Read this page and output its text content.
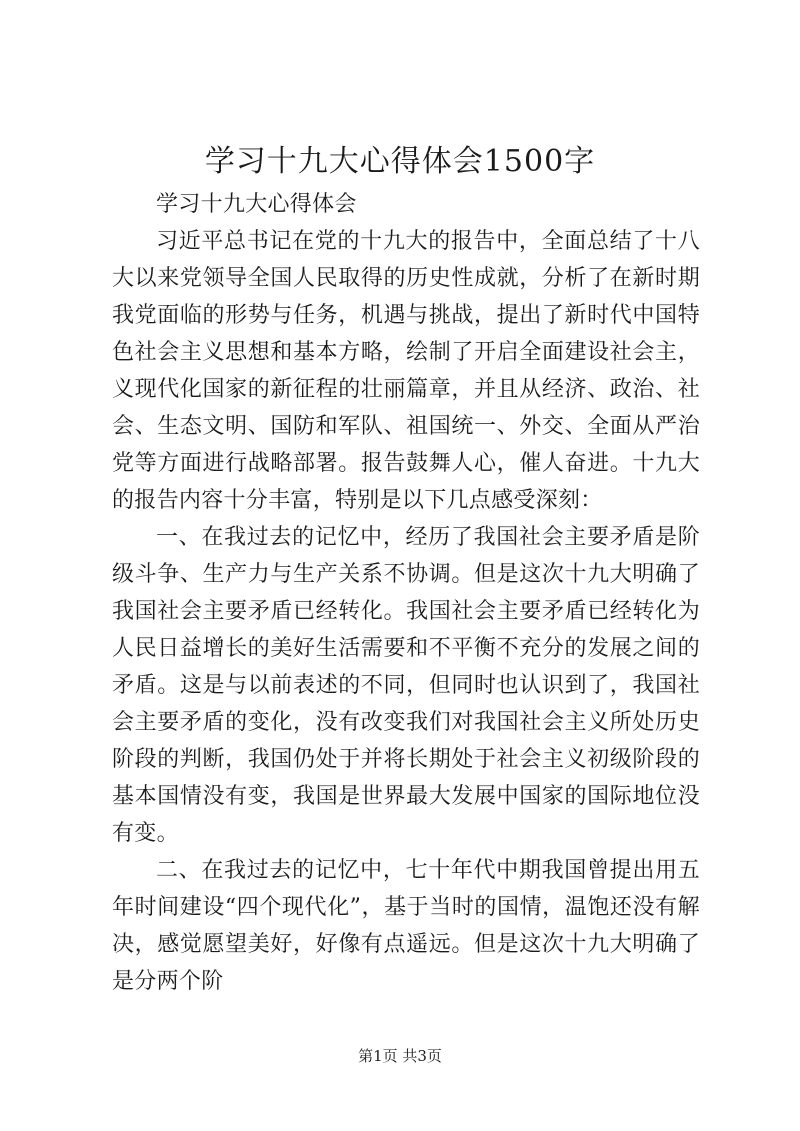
学习十九大心得体会1500字

学习十九大心得体会

习近平总书记在党的十九大的报告中，全面总结了十八大以来党领导全国人民取得的历史性成就，分析了在新时期我党面临的形势与任务，机遇与挑战，提出了新时代中国特色社会主义思想和基本方略，绘制了开启全面建设社会主，义现代化国家的新征程的壮丽篇章，并且从经济、政治、社会、生态文明、国防和军队、祖国统一、外交、全面从严治党等方面进行战略部署。报告鼓舞人心，催人奋进。十九大的报告内容十分丰富，特别是以下几点感受深刻：

一、在我过去的记忆中，经历了我国社会主要矛盾是阶级斗争、生产力与生产关系不协调。但是这次十九大明确了我国社会主要矛盾已经转化。我国社会主要矛盾已经转化为人民日益增长的美好生活需要和不平衡不充分的发展之间的矛盾。这是与以前表述的不同，但同时也认识到了，我国社会主要矛盾的变化，没有改变我们对我国社会主义所处历史阶段的判断，我国仍处于并将长期处于社会主义初级阶段的基本国情没有变，我国是世界最大发展中国家的国际地位没有变。

二、在我过去的记忆中，七十年代中期我国曾提出用五年时间建设“四个现代化”，基于当时的国情，温饱还没有解决，感觉愿望美好，好像有点遥远。但是这次十九大明确了是分两个阶

第1页 共3页
